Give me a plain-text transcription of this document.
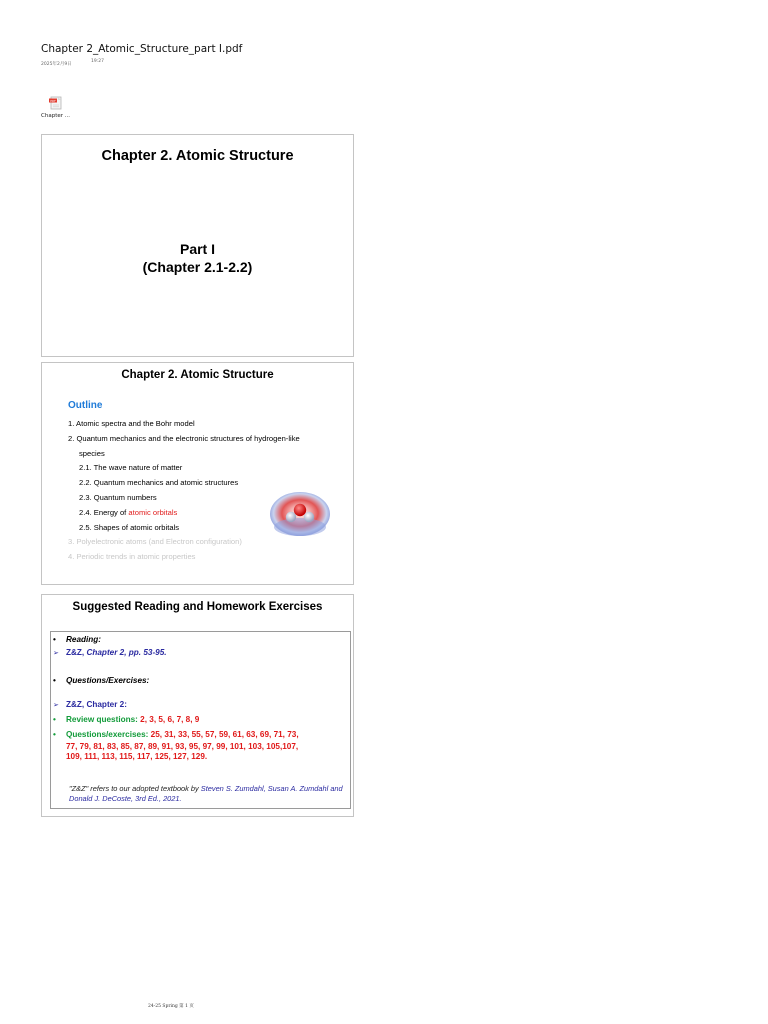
Chapter 2_Atomic_Structure_part I.pdf
2025年2月9日
19:27
PDF
Chapter ...
Chapter 2. Atomic Structure
Part I
(Chapter 2.1-2.2)
Chapter 2. Atomic Structure
Outline
1. Atomic spectra and the Bohr model
2. Quantum mechanics and the electronic structures of hydrogen-like
species
2.1. The wave nature of matter
2.2. Quantum mechanics and atomic structures
2.3. Quantum numbers
2.4. Energy of atomic orbitals
2.5. Shapes of atomic orbitals
3. Polyelectronic atoms (and Electron configuration)
4. Periodic trends in atomic properties
Suggested Reading and Homework Exercises
• Reading:
➢ Z&Z, Chapter 2, pp. 53-95.
• Questions/Exercises:
➢ Z&Z, Chapter 2:
• Review questions: 2, 3, 5, 6, 7, 8, 9
• Questions/exercises: 25, 31, 33, 55, 57, 59, 61, 63, 69, 71, 73,
77, 79, 81, 83, 85, 87, 89, 91, 93, 95, 97, 99, 101, 103, 105,107,
109, 111, 113, 115, 117, 125, 127, 129.
"Z&Z" refers to our adopted textbook by Steven S. Zumdahl, Susan A. Zumdahl and Donald J. DeCoste, 3rd Ed., 2021.
24-25 Spring 第 1 页
